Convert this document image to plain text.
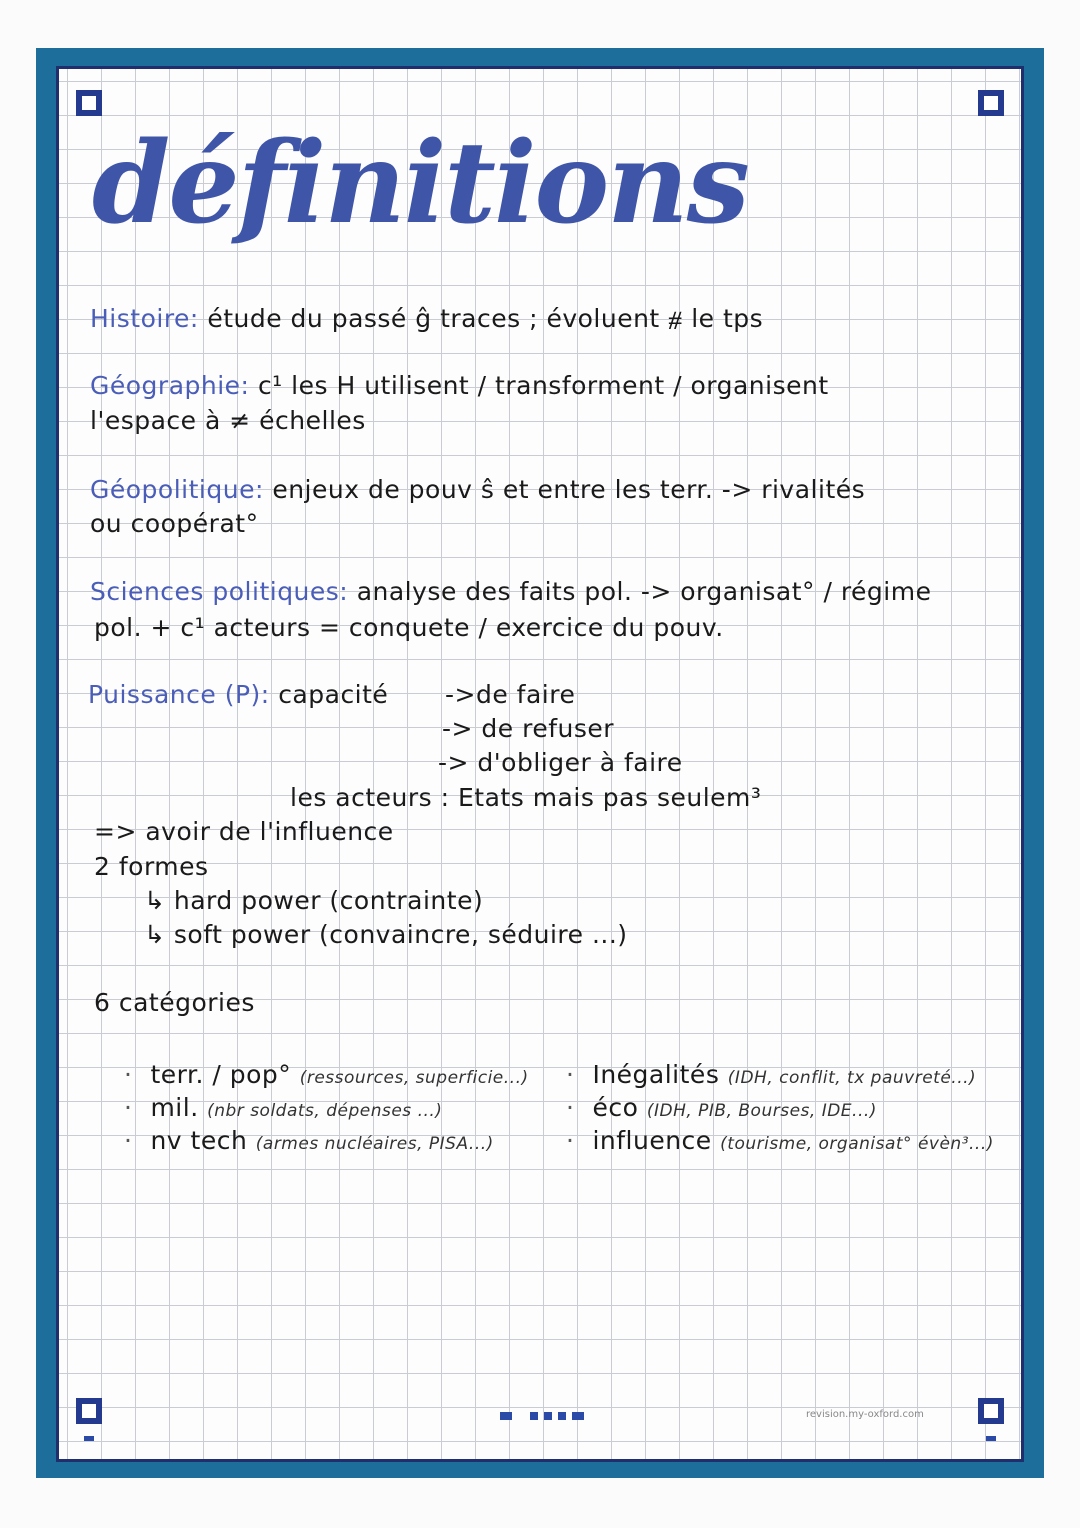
définitions
Histoire: étude du passé ĝ traces ; évoluent ⧣ le tps
Géographie: c¹ les H utilisent / transforment / organisent
l'espace à ≠ échelles
Géopolitique: enjeux de pouv ŝ et entre les terr. -> rivalités
ou coopérat°
Sciences politiques: analyse des faits pol. -> organisat° / régime
pol. + c¹ acteurs = conquete / exercice du pouv.
Puissance (P): capacité ->de faire
-> de refuser
-> d'obliger à faire
les acteurs : Etats mais pas seulem³
=> avoir de l'influence
2 formes
↳ hard power (contrainte)
↳ soft power (convaincre, séduire ...)
6 catégories
· terr. / pop° (ressources, superficie...)
· mil. (nbr soldats, dépenses ...)
· nv tech (armes nucléaires, PISA...)
· Inégalités (IDH, conflit, tx pauvreté...)
· éco (IDH, PIB, Bourses, IDE...)
· influence (tourisme, organisat° évèn³...)
revision.my-oxford.com
